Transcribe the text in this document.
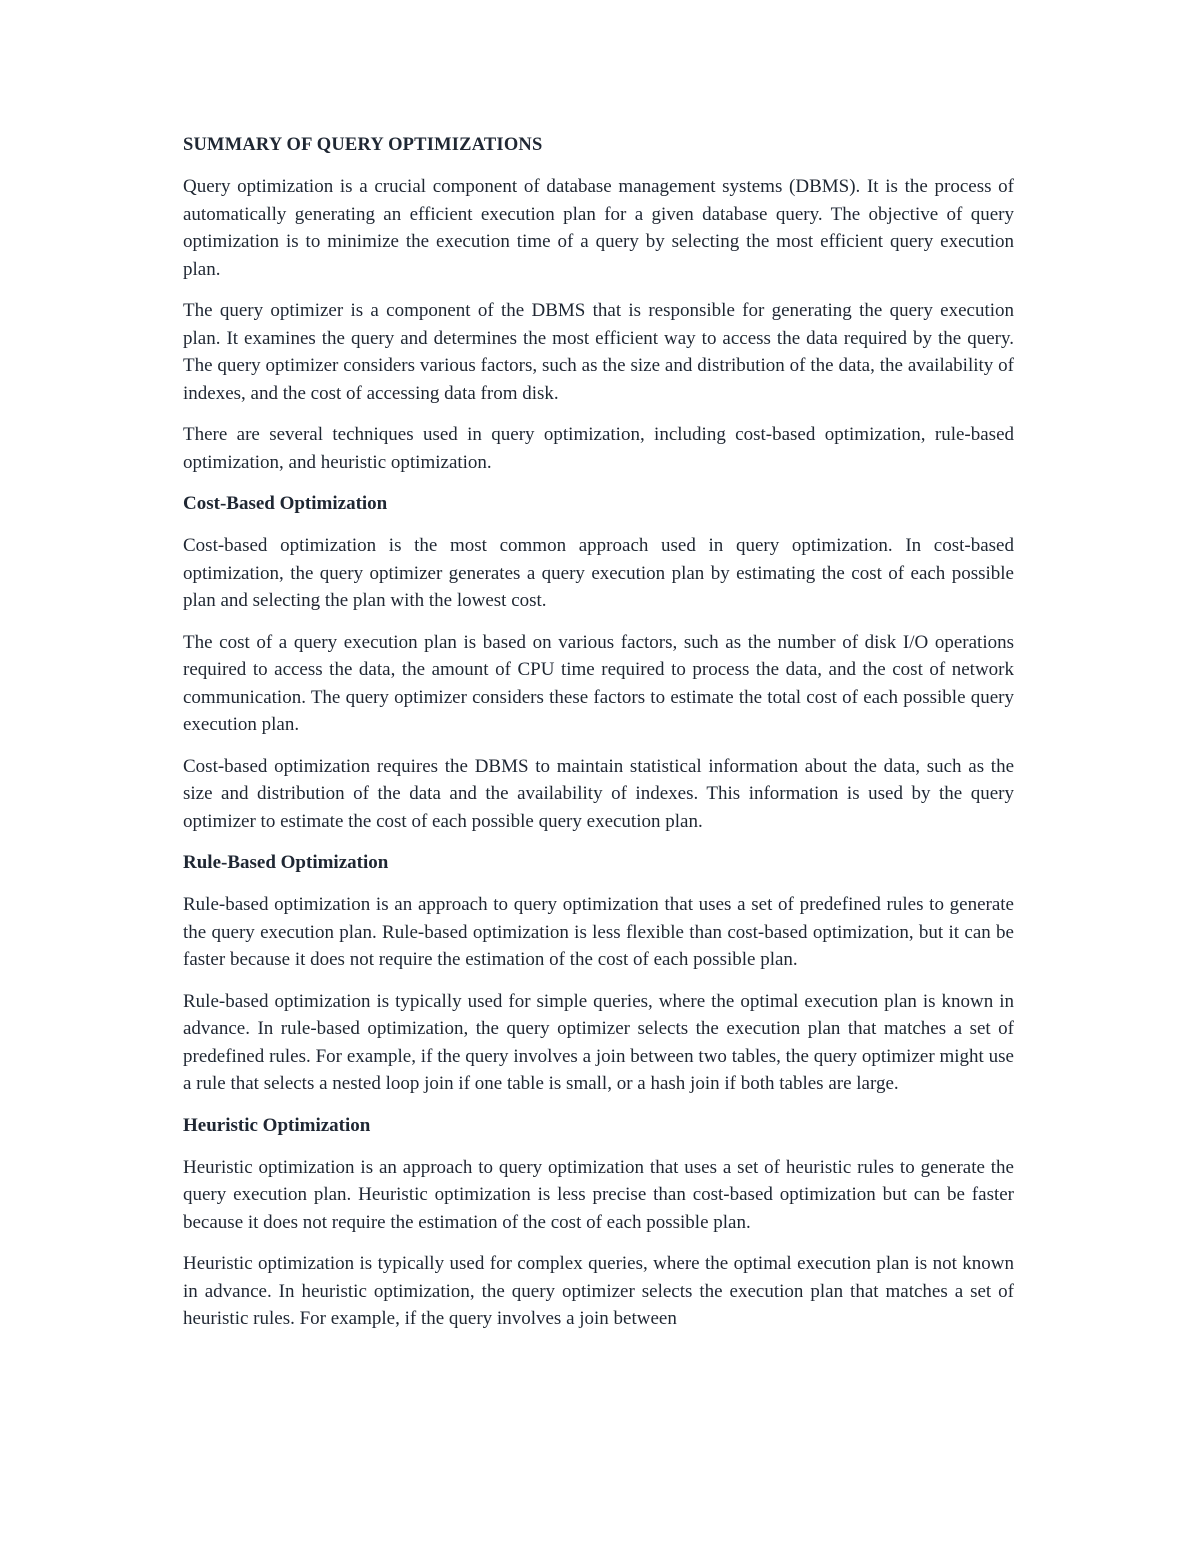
SUMMARY OF QUERY OPTIMIZATIONS

Query optimization is a crucial component of database management systems (DBMS). It is the process of automatically generating an efficient execution plan for a given database query. The objective of query optimization is to minimize the execution time of a query by selecting the most efficient query execution plan.

The query optimizer is a component of the DBMS that is responsible for generating the query execution plan. It examines the query and determines the most efficient way to access the data required by the query. The query optimizer considers various factors, such as the size and distribution of the data, the availability of indexes, and the cost of accessing data from disk.

There are several techniques used in query optimization, including cost-based optimization, rule-based optimization, and heuristic optimization.

Cost-Based Optimization

Cost-based optimization is the most common approach used in query optimization. In cost-based optimization, the query optimizer generates a query execution plan by estimating the cost of each possible plan and selecting the plan with the lowest cost.

The cost of a query execution plan is based on various factors, such as the number of disk I/O operations required to access the data, the amount of CPU time required to process the data, and the cost of network communication. The query optimizer considers these factors to estimate the total cost of each possible query execution plan.

Cost-based optimization requires the DBMS to maintain statistical information about the data, such as the size and distribution of the data and the availability of indexes. This information is used by the query optimizer to estimate the cost of each possible query execution plan.

Rule-Based Optimization

Rule-based optimization is an approach to query optimization that uses a set of predefined rules to generate the query execution plan. Rule-based optimization is less flexible than cost-based optimization, but it can be faster because it does not require the estimation of the cost of each possible plan.

Rule-based optimization is typically used for simple queries, where the optimal execution plan is known in advance. In rule-based optimization, the query optimizer selects the execution plan that matches a set of predefined rules. For example, if the query involves a join between two tables, the query optimizer might use a rule that selects a nested loop join if one table is small, or a hash join if both tables are large.

Heuristic Optimization

Heuristic optimization is an approach to query optimization that uses a set of heuristic rules to generate the query execution plan. Heuristic optimization is less precise than cost-based optimization but can be faster because it does not require the estimation of the cost of each possible plan.

Heuristic optimization is typically used for complex queries, where the optimal execution plan is not known in advance. In heuristic optimization, the query optimizer selects the execution plan that matches a set of heuristic rules. For example, if the query involves a join between
